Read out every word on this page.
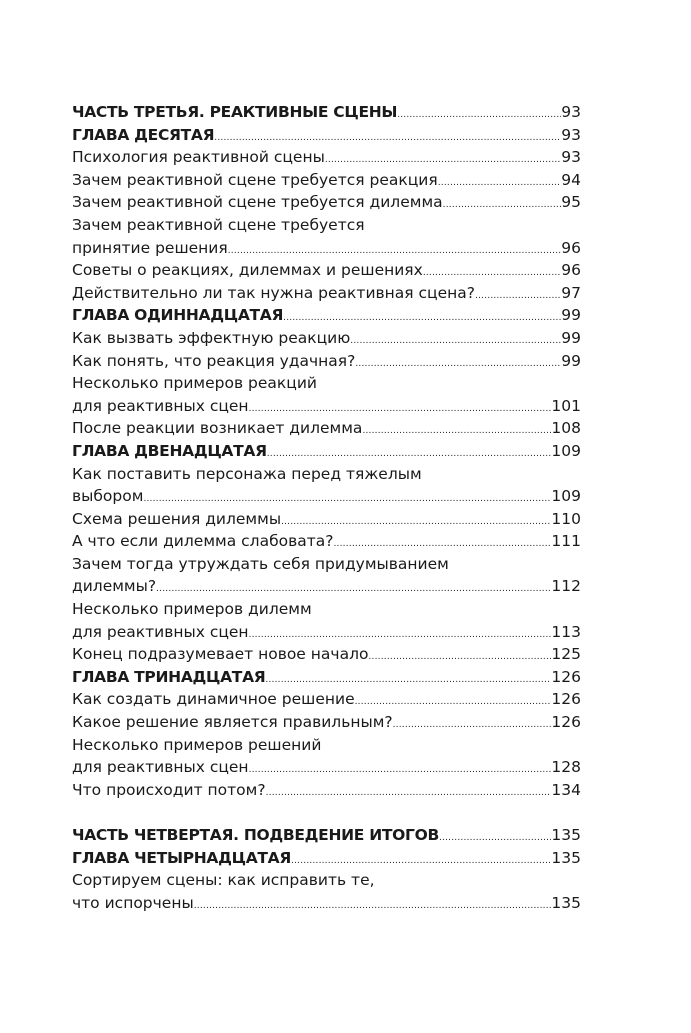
ЧАСТЬ ТРЕТЬЯ. РЕАКТИВНЫЕ СЦЕНЫ .....	93
ГЛАВА ДЕСЯТАЯ .....	93
Психология реактивной сцены .....	93
Зачем реактивной сцене требуется реакция .....	94
Зачем реактивной сцене требуется дилемма .....	95
Зачем реактивной сцене требуется
принятие решения .....	96
Советы о реакциях, дилеммах и решениях .....	96
Действительно ли так нужна реактивная сцена? .....	97
ГЛАВА ОДИННАДЦАТАЯ .....	99
Как вызвать эффектную реакцию .....	99
Как понять, что реакция удачная? .....	99
Несколько примеров реакций
для реактивных сцен .....	101
После реакции возникает дилемма .....	108
ГЛАВА ДВЕНАДЦАТАЯ .....	109
Как поставить персонажа перед тяжелым
выбором .....	109
Схема решения дилеммы .....	110
А что если дилемма слабовата? .....	111
Зачем тогда утруждать себя придумыванием
дилеммы? .....	112
Несколько примеров дилемм
для реактивных сцен .....	113
Конец подразумевает новое начало .....	125
ГЛАВА ТРИНАДЦАТАЯ .....	126
Как создать динамичное решение .....	126
Какое решение является правильным? .....	126
Несколько примеров решений
для реактивных сцен .....	128
Что происходит потом? .....	134
ЧАСТЬ ЧЕТВЕРТАЯ. ПОДВЕДЕНИЕ ИТОГОВ .....	135
ГЛАВА ЧЕТЫРНАДЦАТАЯ .....	135
Сортируем сцены: как исправить те,
что испорчены .....	135
